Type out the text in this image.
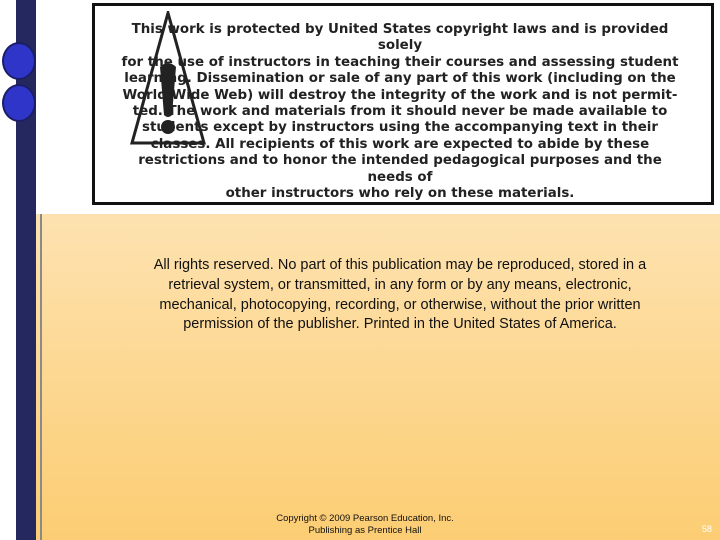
This work is protected by United States copyright laws and is provided solely
for the use of instructors in teaching their courses and assessing student
learning. Dissemination or sale of any part of this work (including on the
World Wide Web) will destroy the integrity of the work and is not permit-
ted. The work and materials from it should never be made available to
students except by instructors using the accompanying text in their
classes. All recipients of this work are expected to abide by these
restrictions and to honor the intended pedagogical purposes and the needs of
other instructors who rely on these materials.
All rights reserved. No part of this publication may be reproduced, stored in a
retrieval system, or transmitted, in any form or by any means, electronic,
mechanical, photocopying, recording, or otherwise, without the prior written
permission of the publisher. Printed in the United States of America.
Copyright © 2009 Pearson Education, Inc.
Publishing as Prentice Hall	58
